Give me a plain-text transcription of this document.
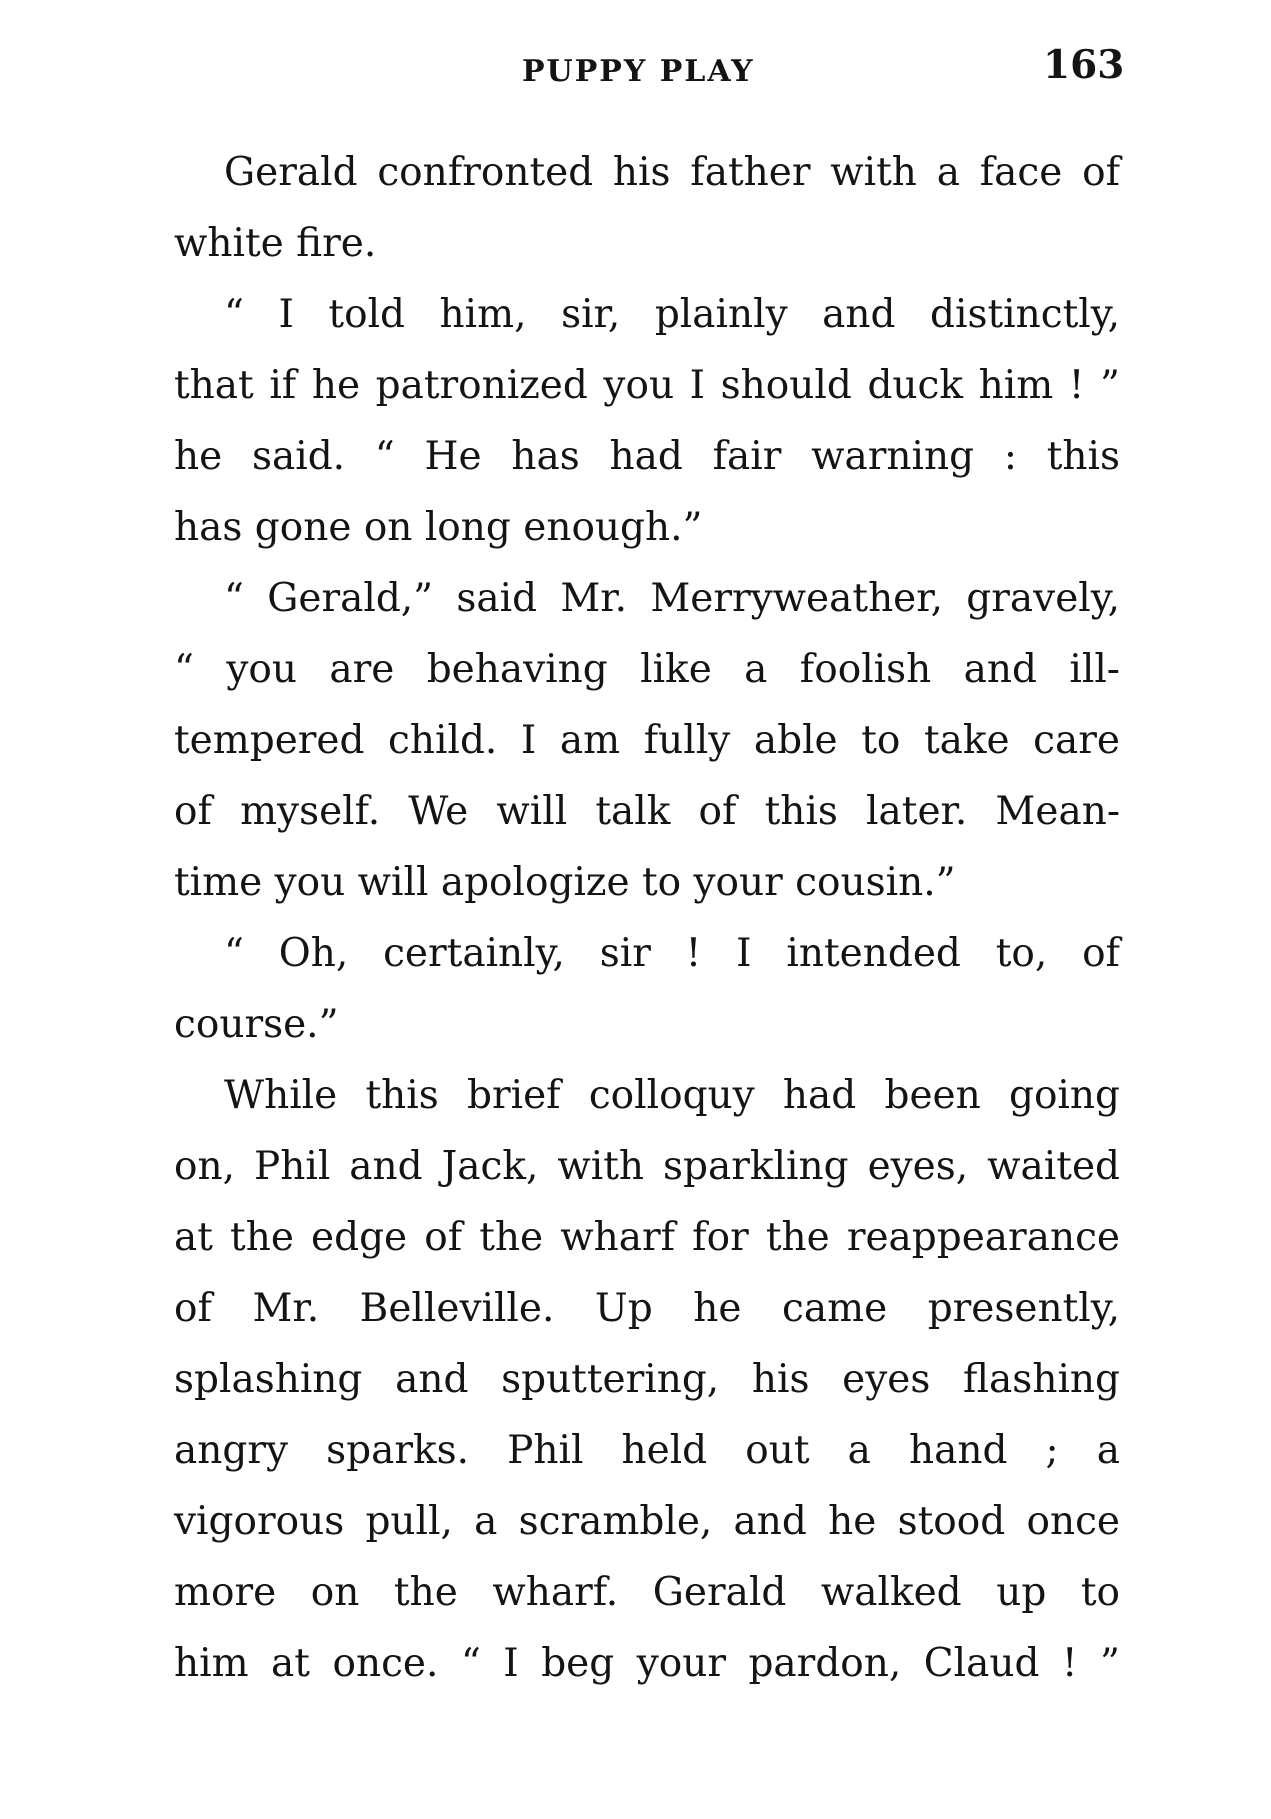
PUPPY PLAY	163
Gerald confronted his father with a face of
white fire.
“ I told him, sir, plainly and distinctly,
that if he patronized you I should duck him ! ”
he said. “ He has had fair warning : this
has gone on long enough.”
“ Gerald,” said Mr. Merryweather, gravely,
“ you are behaving like a foolish and ill-
tempered child. I am fully able to take care
of myself. We will talk of this later. Mean-
time you will apologize to your cousin.”
“ Oh, certainly, sir ! I intended to, of
course.”
While this brief colloquy had been going
on, Phil and Jack, with sparkling eyes, waited
at the edge of the wharf for the reappearance
of Mr. Belleville. Up he came presently,
splashing and sputtering, his eyes flashing
angry sparks. Phil held out a hand ; a
vigorous pull, a scramble, and he stood once
more on the wharf. Gerald walked up to
him at once. “ I beg your pardon, Claud ! ”
